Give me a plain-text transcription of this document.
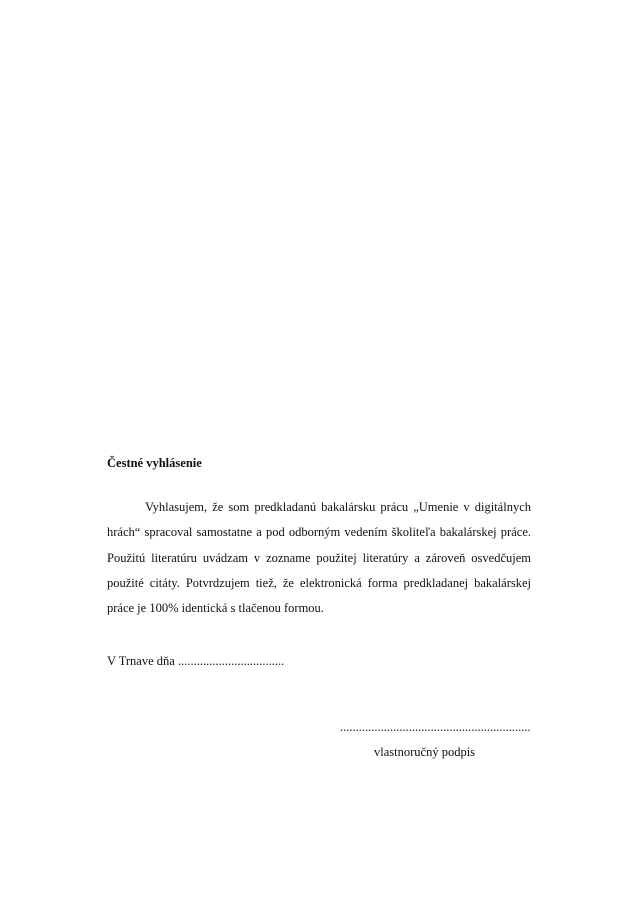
Čestné vyhlásenie

Vyhlasujem, že som predkladanú bakalársku prácu „Umenie v digitálnych hrách“ spracoval samostatne a pod odborným vedením školiteľa bakalárskej práce. Použitú literatúru uvádzam v zozname použitej literatúry a zároveň osvedčujem použité citáty. Potvrdzujem tiež, že elektronická forma predkladanej bakalárskej práce je 100% identická s tlačenou formou.

V Trnave dňa ..................................

.............................................................

vlastnoručný podpis
